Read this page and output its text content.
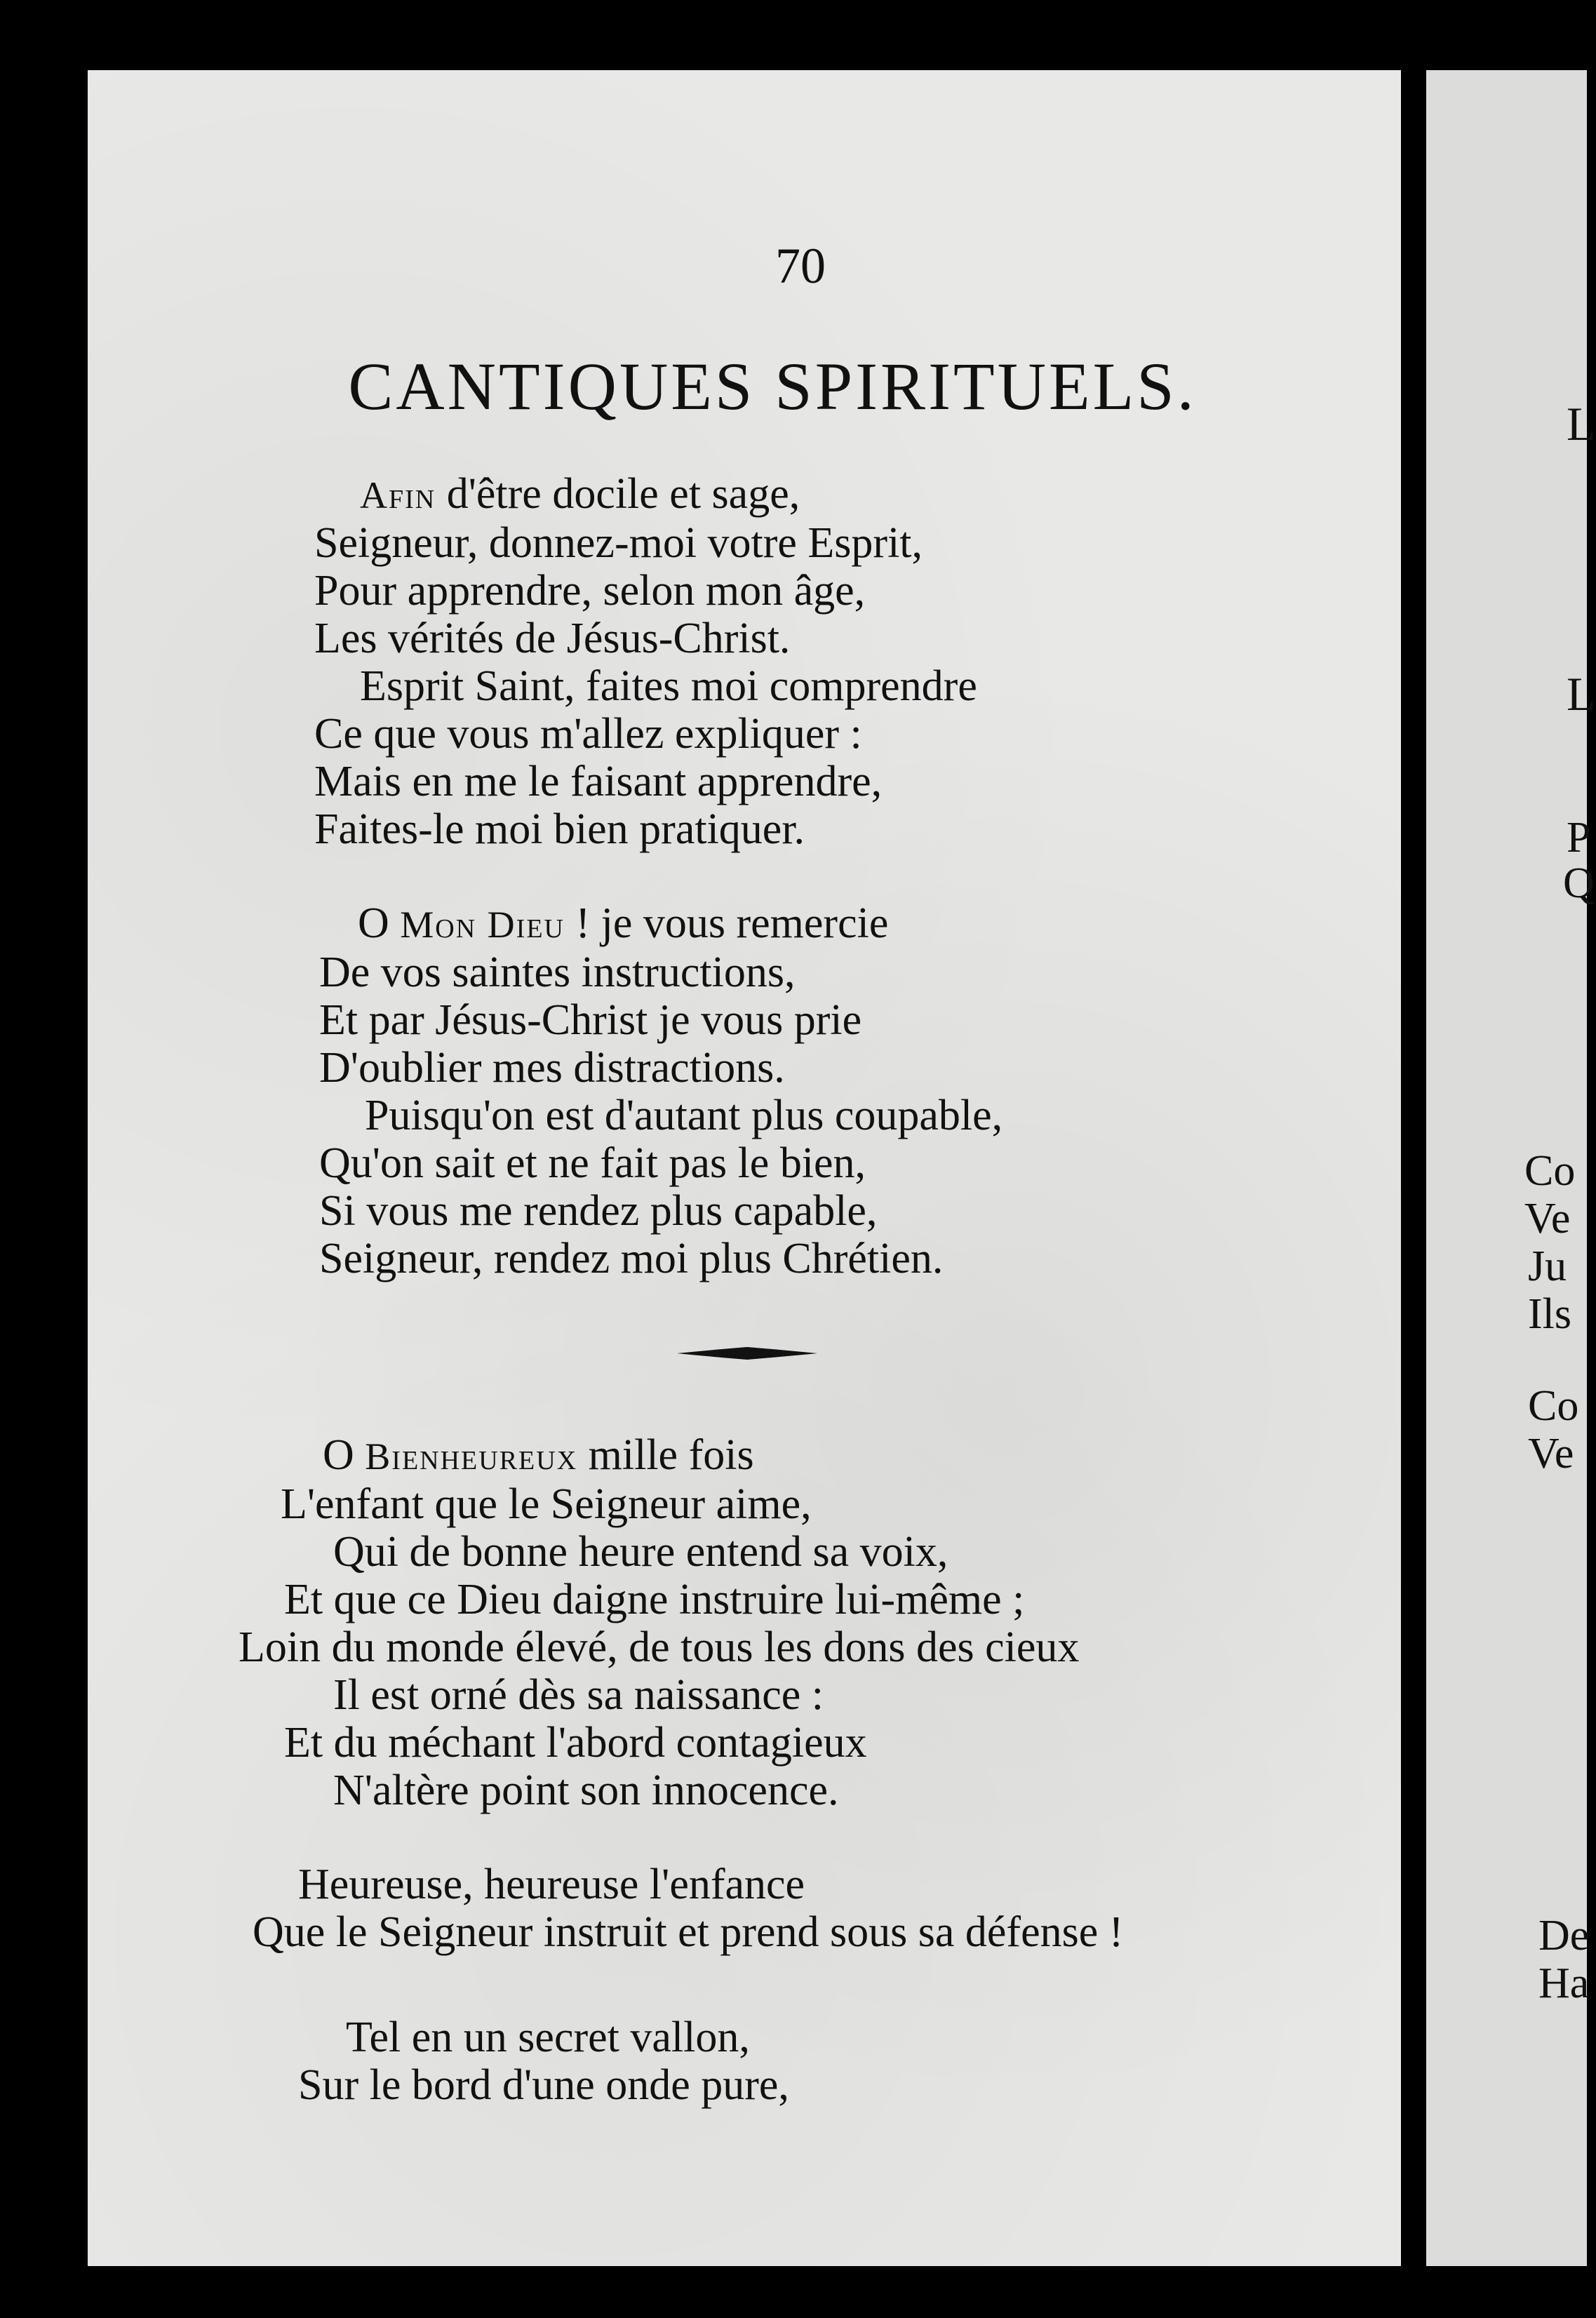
70
CANTIQUES SPIRITUELS.
Afin d'être docile et sage,
Seigneur, donnez-moi votre Esprit,
Pour apprendre, selon mon âge,
Les vérités de Jésus-Christ.
Esprit Saint, faites moi comprendre
Ce que vous m'allez expliquer :
Mais en me le faisant apprendre,
Faites-le moi bien pratiquer.
O Mon Dieu ! je vous remercie
De vos saintes instructions,
Et par Jésus-Christ je vous prie
D'oublier mes distractions.
Puisqu'on est d'autant plus coupable,
Qu'on sait et ne fait pas le bien,
Si vous me rendez plus capable,
Seigneur, rendez moi plus Chrétien.
O Bienheureux mille fois
L'enfant que le Seigneur aime,
Qui de bonne heure entend sa voix,
Et que ce Dieu daigne instruire lui-même ;
Loin du monde élevé, de tous les dons des cieux
Il est orné dès sa naissance :
Et du méchant l'abord contagieux
N'altère point son innocence.
Heureuse, heureuse l'enfance
Que le Seigneur instruit et prend sous sa défense !
Tel en un secret vallon,
Sur le bord d'une onde pure,
L
L
P
Q
Co
Ve
Ju
Ils
Co
Ve
De
Ha
